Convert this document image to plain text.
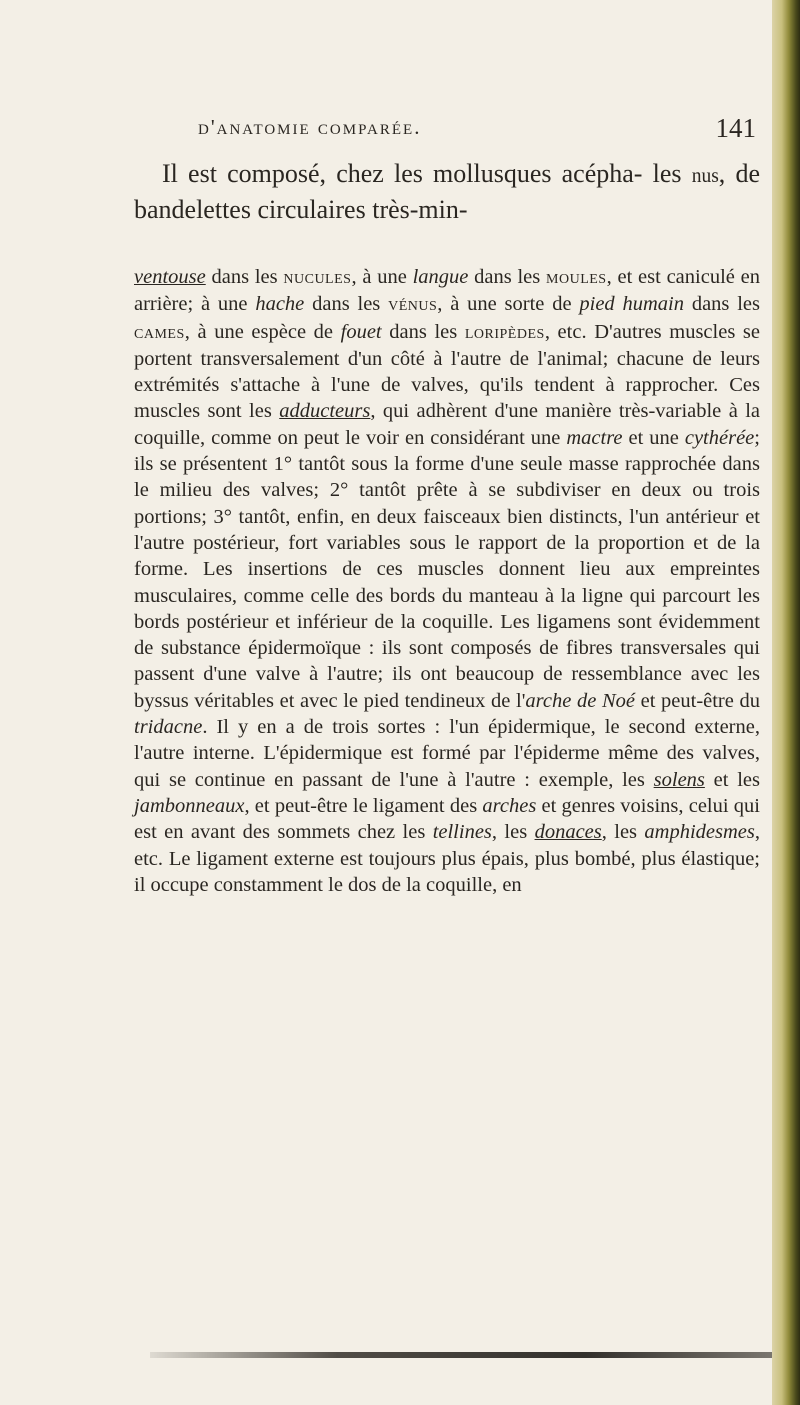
d'anatomie comparée.	141

Il est composé, chez les mollusques acépha- les nus, de bandelettes circulaires très-min-

ventouse dans les nucules, à une langue dans les moules, et est caniculé en arrière; à une hache dans les vénus, à une sorte de pied humain dans les cames, à une espèce de fouet dans les loripèdes, etc. D'autres muscles se portent transversalement d'un côté à l'autre de l'animal; chacune de leurs extrémités s'attache à l'une de valves, qu'ils tendent à rapprocher. Ces muscles sont les adducteurs, qui adhèrent d'une manière très-variable à la coquille, comme on peut le voir en considérant une mactre et une cythérée; ils se présentent 1° tantôt sous la forme d'une seule masse rapprochée dans le milieu des valves; 2° tantôt prête à se subdiviser en deux ou trois portions; 3° tantôt, enfin, en deux faisceaux bien distincts, l'un antérieur et l'autre postérieur, fort variables sous le rapport de la proportion et de la forme. Les insertions de ces muscles donnent lieu aux empreintes musculaires, comme celle des bords du manteau à la ligne qui parcourt les bords postérieur et inférieur de la coquille. Les ligamens sont évidemment de substance épidermoïque : ils sont composés de fibres transversales qui passent d'une valve à l'autre; ils ont beaucoup de ressemblance avec les byssus véritables et avec le pied tendineux de l'arche de Noé et peut-être du tridacne. Il y en a de trois sortes : l'un épidermique, le second externe, l'autre interne. L'épidermique est formé par l'épiderme même des valves, qui se continue en passant de l'une à l'autre : exemple, les solens et les jambonneaux, et peut-être le ligament des arches et genres voisins, celui qui est en avant des sommets chez les tellines, les donaces, les amphidesmes, etc. Le ligament externe est toujours plus épais, plus bombé, plus élastique; il occupe constamment le dos de la coquille, en
